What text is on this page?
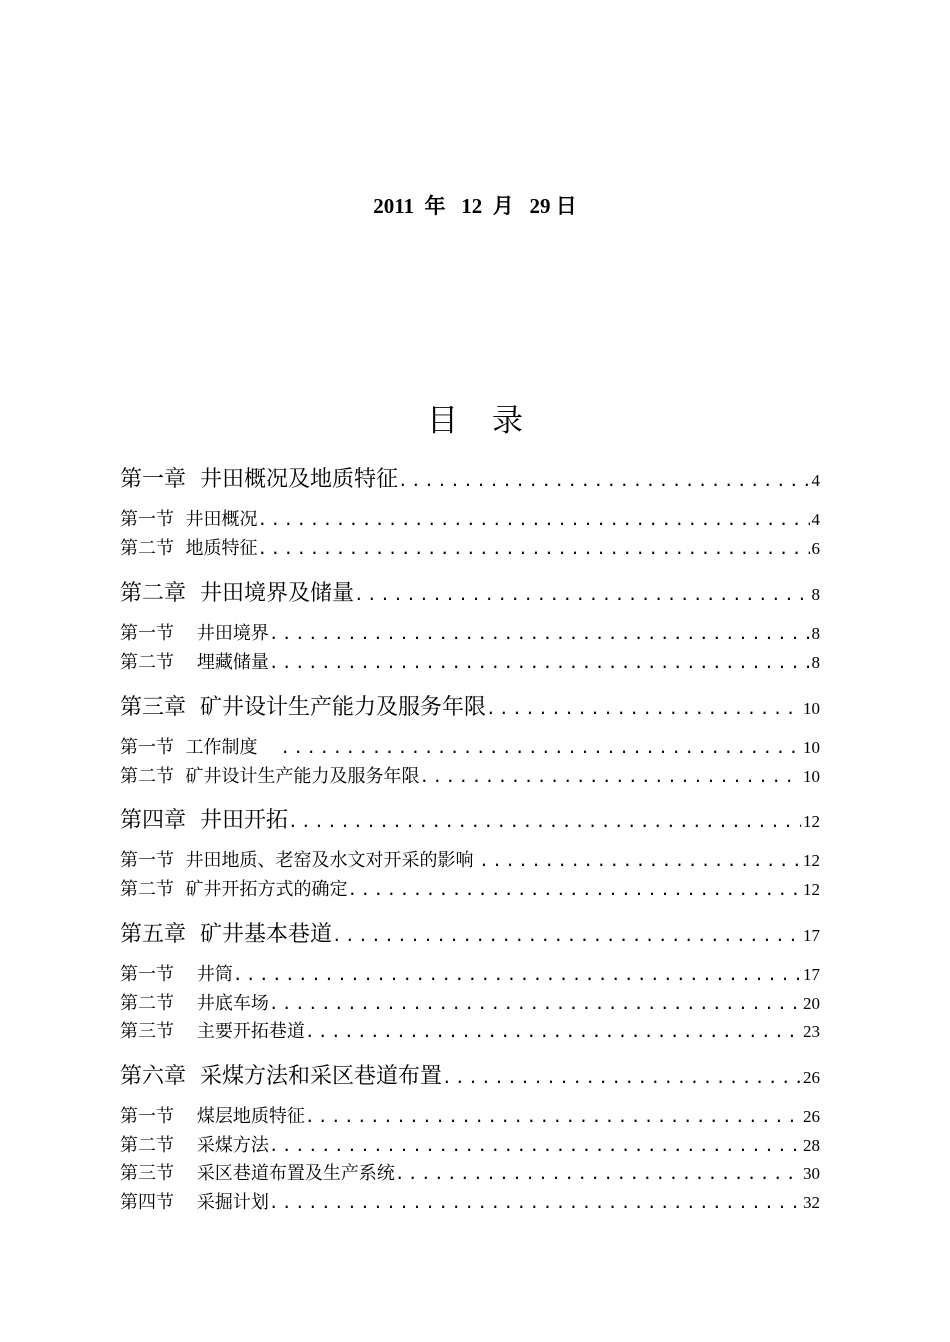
2011  年   12  月   29 日
目录
第一章  井田概况及地质特征 .....	4
第一节  井田概况 .....	4
第二节  地质特征 .....	6
第二章  井田境界及储量 .....	8
第一节    井田境界 .....	8
第二节    埋藏储量 .....	8
第三章  矿井设计生产能力及服务年限 .....	10
第一节  工作制度 .....	10
第二节  矿井设计生产能力及服务年限 .....	10
第四章  井田开拓 .....	12
第一节  井田地质、老窑及水文对开采的影响 .....	12
第二节  矿井开拓方式的确定 .....	12
第五章  矿井基本巷道 .....	17
第一节    井筒 .....	17
第二节    井底车场 .....	20
第三节    主要开拓巷道 .....	23
第六章  采煤方法和采区巷道布置 .....	26
第一节    煤层地质特征 .....	26
第二节    采煤方法 .....	28
第三节    采区巷道布置及生产系统 .....	30
第四节    采掘计划 .....	32
